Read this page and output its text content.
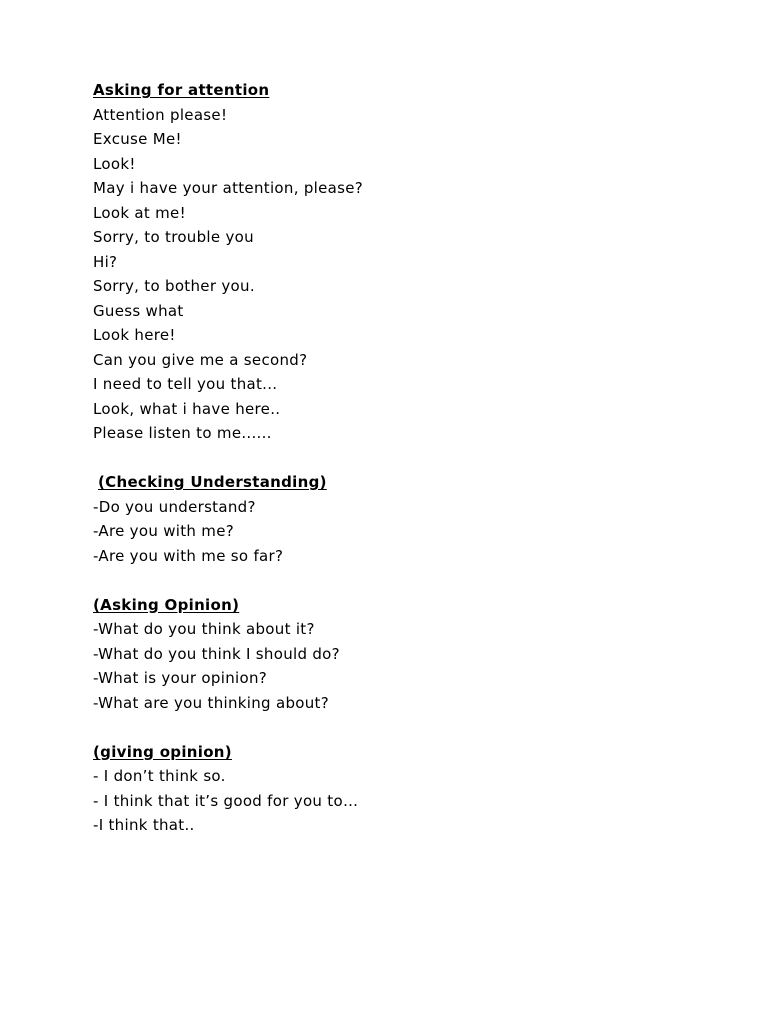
Asking for attention
Attention please!
Excuse Me!
Look!
May i have your attention, please?
Look at me!
Sorry, to trouble you
Hi?
Sorry, to bother you.
Guess what
Look here!
Can you give me a second?
I need to tell you that...
Look, what i have here..
Please listen to me......
(Checking Understanding)
-Do you understand?
-Are you with me?
-Are you with me so far?
(Asking Opinion)
-What do you think about it?
-What do you think I should do?
-What is your opinion?
-What are you thinking about?
(giving opinion)
- I don’t think so.
- I think that it’s good for you to…
-I think that..
